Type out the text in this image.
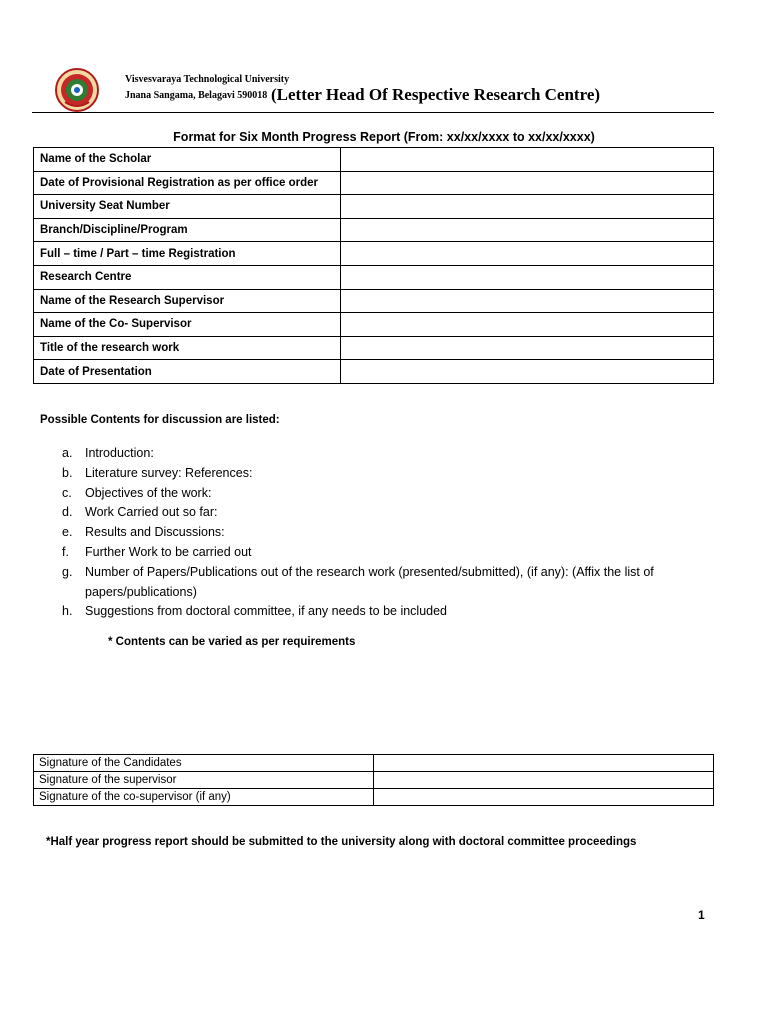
Visvesvaraya Technological University
Jnana Sangama, Belagavi 590018 (Letter Head Of Respective Research Centre)
Format for Six Month Progress Report (From: xx/xx/xxxx to xx/xx/xxxx)
Name of the Scholar	
Date of Provisional Registration as per office order	
University Seat Number	
Branch/Discipline/Program	
Full – time / Part – time Registration	
Research Centre	
Name of the Research Supervisor	
Name of the Co- Supervisor	
Title of the research work	
Date of Presentation	
Possible Contents for discussion are listed:
a. Introduction:
b. Literature survey: References:
c. Objectives of the work:
d. Work Carried out so far:
e. Results and Discussions:
f. Further Work to be carried out
g. Number of Papers/Publications out of the research work (presented/submitted), (if any): (Affix the list of papers/publications)
h. Suggestions from doctoral committee, if any needs to be included
* Contents can be varied as per requirements
Signature of the Candidates	
Signature of the supervisor	
Signature of the co-supervisor (if any)	
*Half year progress report should be submitted to the university along with doctoral committee proceedings
1
